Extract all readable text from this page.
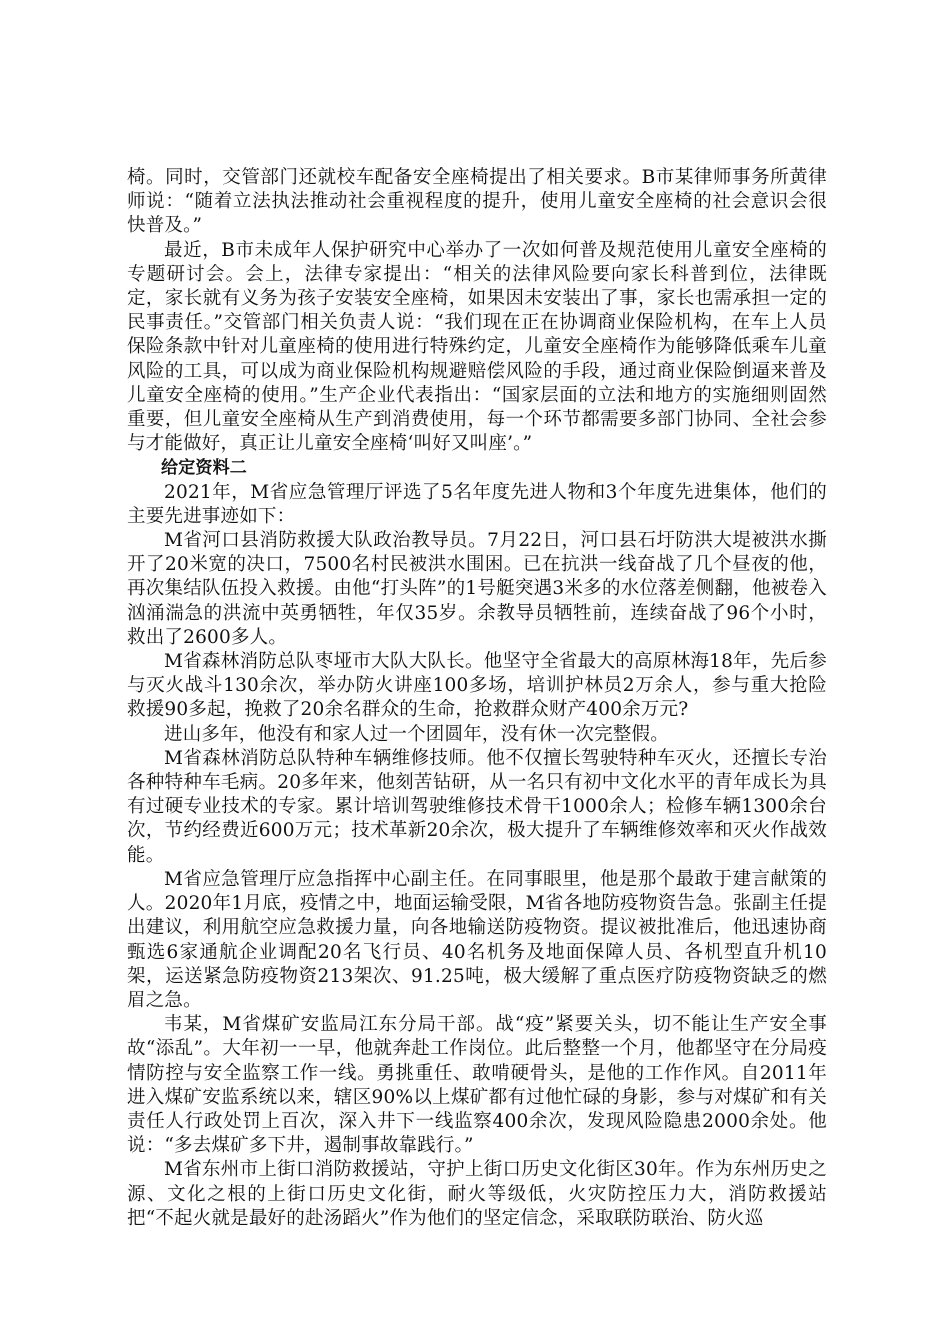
椅。同时，交管部门还就校车配备安全座椅提出了相关要求。B市某律师事务所黄律师说：“随着立法执法推动社会重视程度的提升，使用儿童安全座椅的社会意识会很快普及。”

最近，B市未成年人保护研究中心举办了一次如何普及规范使用儿童安全座椅的专题研讨会。会上，法律专家提出：“相关的法律风险要向家长科普到位，法律既定，家长就有义务为孩子安装安全座椅，如果因未安装出了事，家长也需承担一定的民事责任。”交管部门相关负责人说：“我们现在正在协调商业保险机构，在车上人员保险条款中针对儿童座椅的使用进行特殊约定，儿童安全座椅作为能够降低乘车儿童风险的工具，可以成为商业保险机构规避赔偿风险的手段，通过商业保险倒逼来普及儿童安全座椅的使用。”生产企业代表指出：“国家层面的立法和地方的实施细则固然重要，但儿童安全座椅从生产到消费使用，每一个环节都需要多部门协同、全社会参与才能做好，真正让儿童安全座椅‘叫好又叫座’。”

给定资料二

2021年，M省应急管理厅评选了5名年度先进人物和3个年度先进集体，他们的主要先进事迹如下：

M省河口县消防救援大队政治教导员。7月22日，河口县石圩防洪大堤被洪水撕开了20米宽的决口，7500名村民被洪水围困。已在抗洪一线奋战了几个昼夜的他，再次集结队伍投入救援。由他“打头阵”的1号艇突遇3米多的水位落差侧翻，他被卷入汹涌湍急的洪流中英勇牺牲，年仅35岁。余教导员牺牲前，连续奋战了96个小时，救出了2600多人。

M省森林消防总队枣垭市大队大队长。他坚守全省最大的高原林海18年，先后参与灭火战斗130余次，举办防火讲座100多场，培训护林员2万余人，参与重大抢险救援90多起，挽救了20余名群众的生命，抢救群众财产400余万元?

进山多年，他没有和家人过一个团圆年，没有休一次完整假。

M省森林消防总队特种车辆维修技师。他不仅擅长驾驶特种车灭火，还擅长专治各种特种车毛病。20多年来，他刻苦钻研，从一名只有初中文化水平的青年成长为具有过硬专业技术的专家。累计培训驾驶维修技术骨干1000余人；检修车辆1300余台次，节约经费近600万元；技术革新20余次，极大提升了车辆维修效率和灭火作战效能。

M省应急管理厅应急指挥中心副主任。在同事眼里，他是那个最敢于建言献策的人。2020年1月底，疫情之中，地面运输受限，M省各地防疫物资告急。张副主任提出建议，利用航空应急救援力量，向各地输送防疫物资。提议被批准后，他迅速协商甄选6家通航企业调配20名飞行员、40名机务及地面保障人员、各机型直升机10架，运送紧急防疫物资213架次、91.25吨，极大缓解了重点医疗防疫物资缺乏的燃眉之急。

韦某，M省煤矿安监局江东分局干部。战“疫”紧要关头，切不能让生产安全事故“添乱”。大年初一一早，他就奔赴工作岗位。此后整整一个月，他都坚守在分局疫情防控与安全监察工作一线。勇挑重任、敢啃硬骨头，是他的工作作风。自2011年进入煤矿安监系统以来，辖区90%以上煤矿都有过他忙碌的身影，参与对煤矿和有关责任人行政处罚上百次，深入井下一线监察400余次，发现风险隐患2000余处。他说：“多去煤矿多下井，遏制事故靠践行。”

M省东州市上街口消防救援站，守护上街口历史文化街区30年。作为东州历史之源、文化之根的上街口历史文化街，耐火等级低，火灾防控压力大，消防救援站把“不起火就是最好的赴汤蹈火”作为他们的坚定信念，采取联防联治、防火巡
